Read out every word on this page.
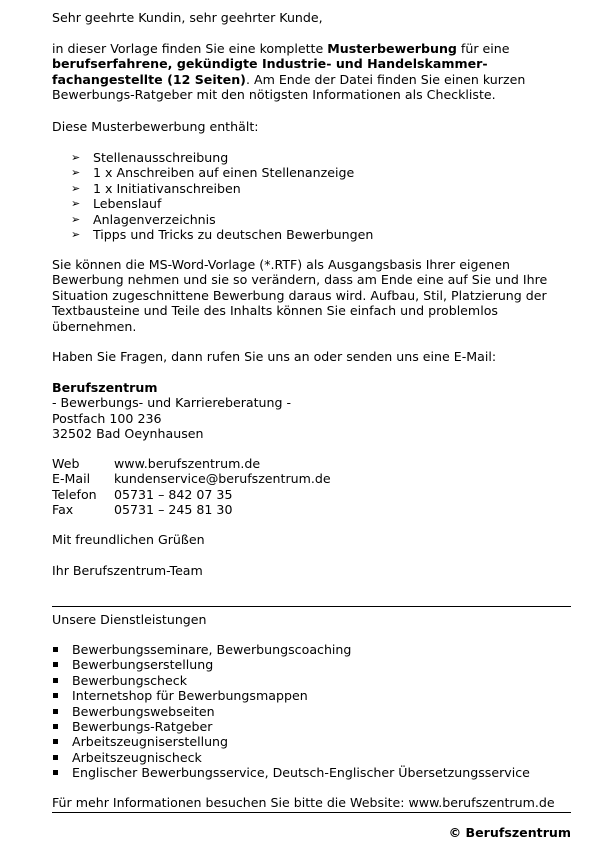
Sehr geehrte Kundin, sehr geehrter Kunde,

in dieser Vorlage finden Sie eine komplette Musterbewerbung für eine berufserfahrene, gekündigte Industrie- und Handelskammer-fachangestellte (12 Seiten). Am Ende der Datei finden Sie einen kurzen Bewerbungs-Ratgeber mit den nötigsten Informationen als Checkliste.

Diese Musterbewerbung enthält:

➢ Stellenausschreibung
➢ 1 x Anschreiben auf einen Stellenanzeige
➢ 1 x Initiativanschreiben
➢ Lebenslauf
➢ Anlagenverzeichnis
➢ Tipps und Tricks zu deutschen Bewerbungen

Sie können die MS-Word-Vorlage (*.RTF) als Ausgangsbasis Ihrer eigenen Bewerbung nehmen und sie so verändern, dass am Ende eine auf Sie und Ihre Situation zugeschnittene Bewerbung daraus wird. Aufbau, Stil, Platzierung der Textbausteine und Teile des Inhalts können Sie einfach und problemlos übernehmen.

Haben Sie Fragen, dann rufen Sie uns an oder senden uns eine E-Mail:

Berufszentrum
- Bewerbungs- und Karriereberatung -
Postfach 100 236
32502 Bad Oeynhausen
Web	www.berufszentrum.de
E-Mail	kundenservice@berufszentrum.de
Telefon	05731 – 842 07 35
Fax	05731 – 245 81 30

Mit freundlichen Grüßen

Ihr Berufszentrum-Team

Unsere Dienstleistungen

Bewerbungsseminare, Bewerbungscoaching
Bewerbungserstellung
Bewerbungscheck
Internetshop für Bewerbungsmappen
Bewerbungswebseiten
Bewerbungs-Ratgeber
Arbeitszeugniserstellung
Arbeitszeugnischeck
Englischer Bewerbungsservice, Deutsch-Englischer Übersetzungsservice

Für mehr Informationen besuchen Sie bitte die Website: www.berufszentrum.de

© Berufszentrum
